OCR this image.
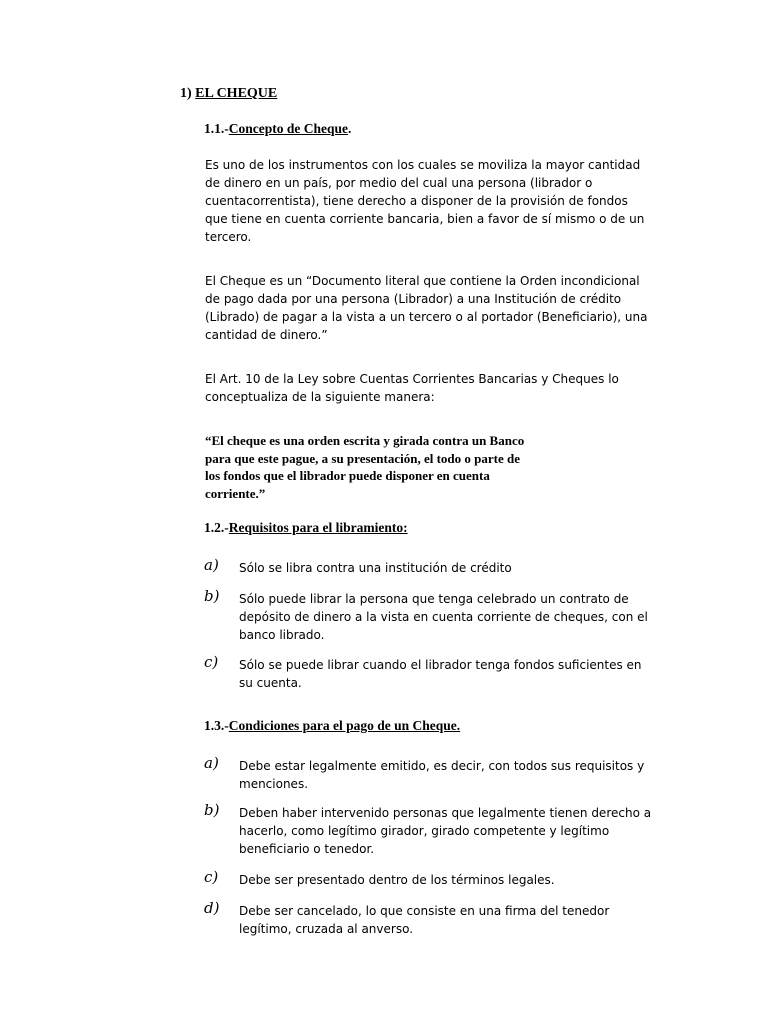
1) EL CHEQUE
1.1.-Concepto de Cheque.
Es uno de los instrumentos con los cuales se moviliza la mayor cantidad
de dinero en un país, por medio del cual una persona (librador o
cuentacorrentista), tiene derecho a disponer de la provisión de fondos
que tiene en cuenta corriente bancaria, bien a favor de sí mismo o de un
tercero.
El Cheque es un “Documento literal que contiene la Orden incondicional
de pago dada por una persona (Librador) a una Institución de crédito
(Librado) de pagar a la vista a un tercero o al portador (Beneficiario), una
cantidad de dinero.”
El Art. 10 de la Ley sobre Cuentas Corrientes Bancarias y Cheques lo
conceptualiza de la siguiente manera:
“El cheque es una orden escrita y girada contra un Banco
para que este pague, a su presentación, el todo o parte de
los fondos que el librador puede disponer en cuenta
corriente.”
1.2.-Requisitos para el libramiento:
a) Sólo se libra contra una institución de crédito
b) Sólo puede librar la persona que tenga celebrado un contrato de
depósito de dinero a la vista en cuenta corriente de cheques, con el
banco librado.
c) Sólo se puede librar cuando el librador tenga fondos suficientes en
su cuenta.
1.3.-Condiciones para el pago de un Cheque.
a) Debe estar legalmente emitido, es decir, con todos sus requisitos y
menciones.
b) Deben haber intervenido personas que legalmente tienen derecho a
hacerlo, como legítimo girador, girado competente y legítimo
beneficiario o tenedor.
c) Debe ser presentado dentro de los términos legales.
d) Debe ser cancelado, lo que consiste en una firma del tenedor
legítimo, cruzada al anverso.
